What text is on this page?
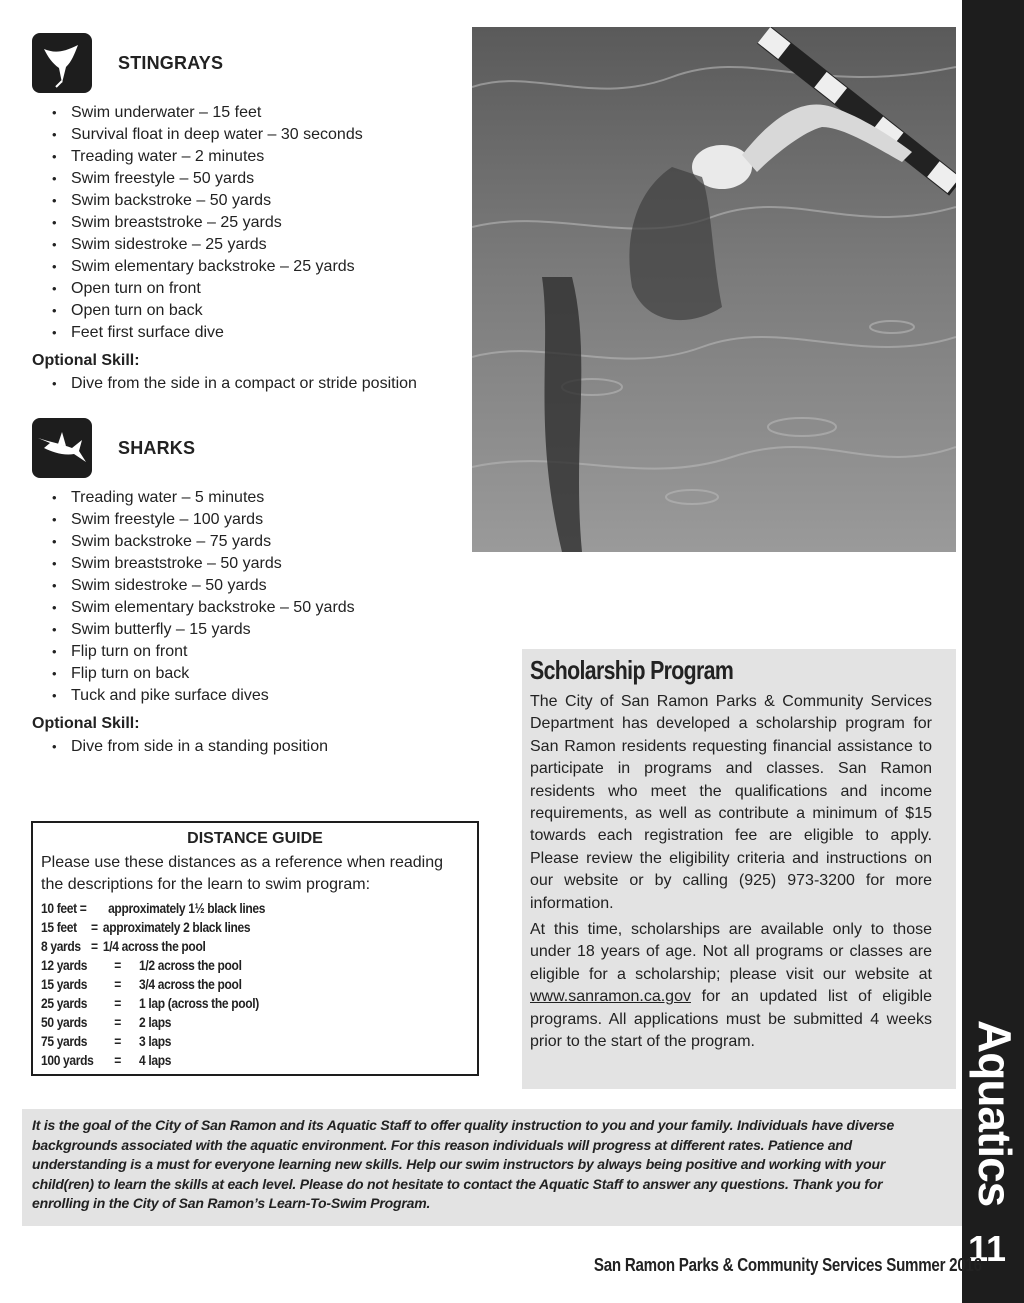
Aquatics
11
STINGRAYS
• Swim underwater – 15 feet
• Survival float in deep water – 30 seconds
• Treading water – 2 minutes
• Swim freestyle – 50 yards
• Swim backstroke – 50 yards
• Swim breaststroke – 25 yards
• Swim sidestroke – 25 yards
• Swim elementary backstroke – 25 yards
• Open turn on front
• Open turn on back
• Feet first surface dive
Optional Skill:
• Dive from the side in a compact or stride position
SHARKS
• Treading water – 5 minutes
• Swim freestyle – 100 yards
• Swim backstroke – 75 yards
• Swim breaststroke – 50 yards
• Swim sidestroke – 50 yards
• Swim elementary backstroke – 50 yards
• Swim butterfly – 15 yards
• Flip turn on front
• Flip turn on back
• Tuck and pike surface dives
Optional Skill:
• Dive from side in a standing position
DISTANCE GUIDE
Please use these distances as a reference when reading the descriptions for the learn to swim program:
10 feet =	approximately 1½ black lines
15 feet	= approximately 2 black lines
8 yards = 1/4 across the pool
12 yards	=	1/2 across the pool
15 yards	=	3/4 across the pool
25 yards	=	1 lap (across the pool)
50 yards	=	2 laps
75 yards	=	3 laps
100 yards	=	4 laps
Scholarship Program

The City of San Ramon Parks & Community Services Department has developed a scholarship program for San Ramon residents requesting financial assistance to participate in programs and classes. San Ramon residents who meet the qualifications and income requirements, as well as contribute a minimum of $15 towards each registration fee are eligible to apply. Please review the eligibility criteria and instructions on our website or by calling (925) 973-3200 for more information.

At this time, scholarships are available only to those under 18 years of age. Not all programs or classes are eligible for a scholarship; please visit our website at www.sanramon.ca.gov for an updated list of eligible programs. All applications must be submitted 4 weeks prior to the start of the program.

It is the goal of the City of San Ramon and its Aquatic Staff to offer quality instruction to you and your family. Individuals have diverse backgrounds associated with the aquatic environment. For this reason individuals will progress at different rates. Patience and understanding is a must for everyone learning new skills. Help our swim instructors by always being positive and working with your child(ren) to learn the skills at each level. Please do not hesitate to contact the Aquatic Staff to answer any questions. Thank you for enrolling in the City of San Ramon’s Learn-To-Swim Program.

San Ramon Parks & Community Services Summer 2016
